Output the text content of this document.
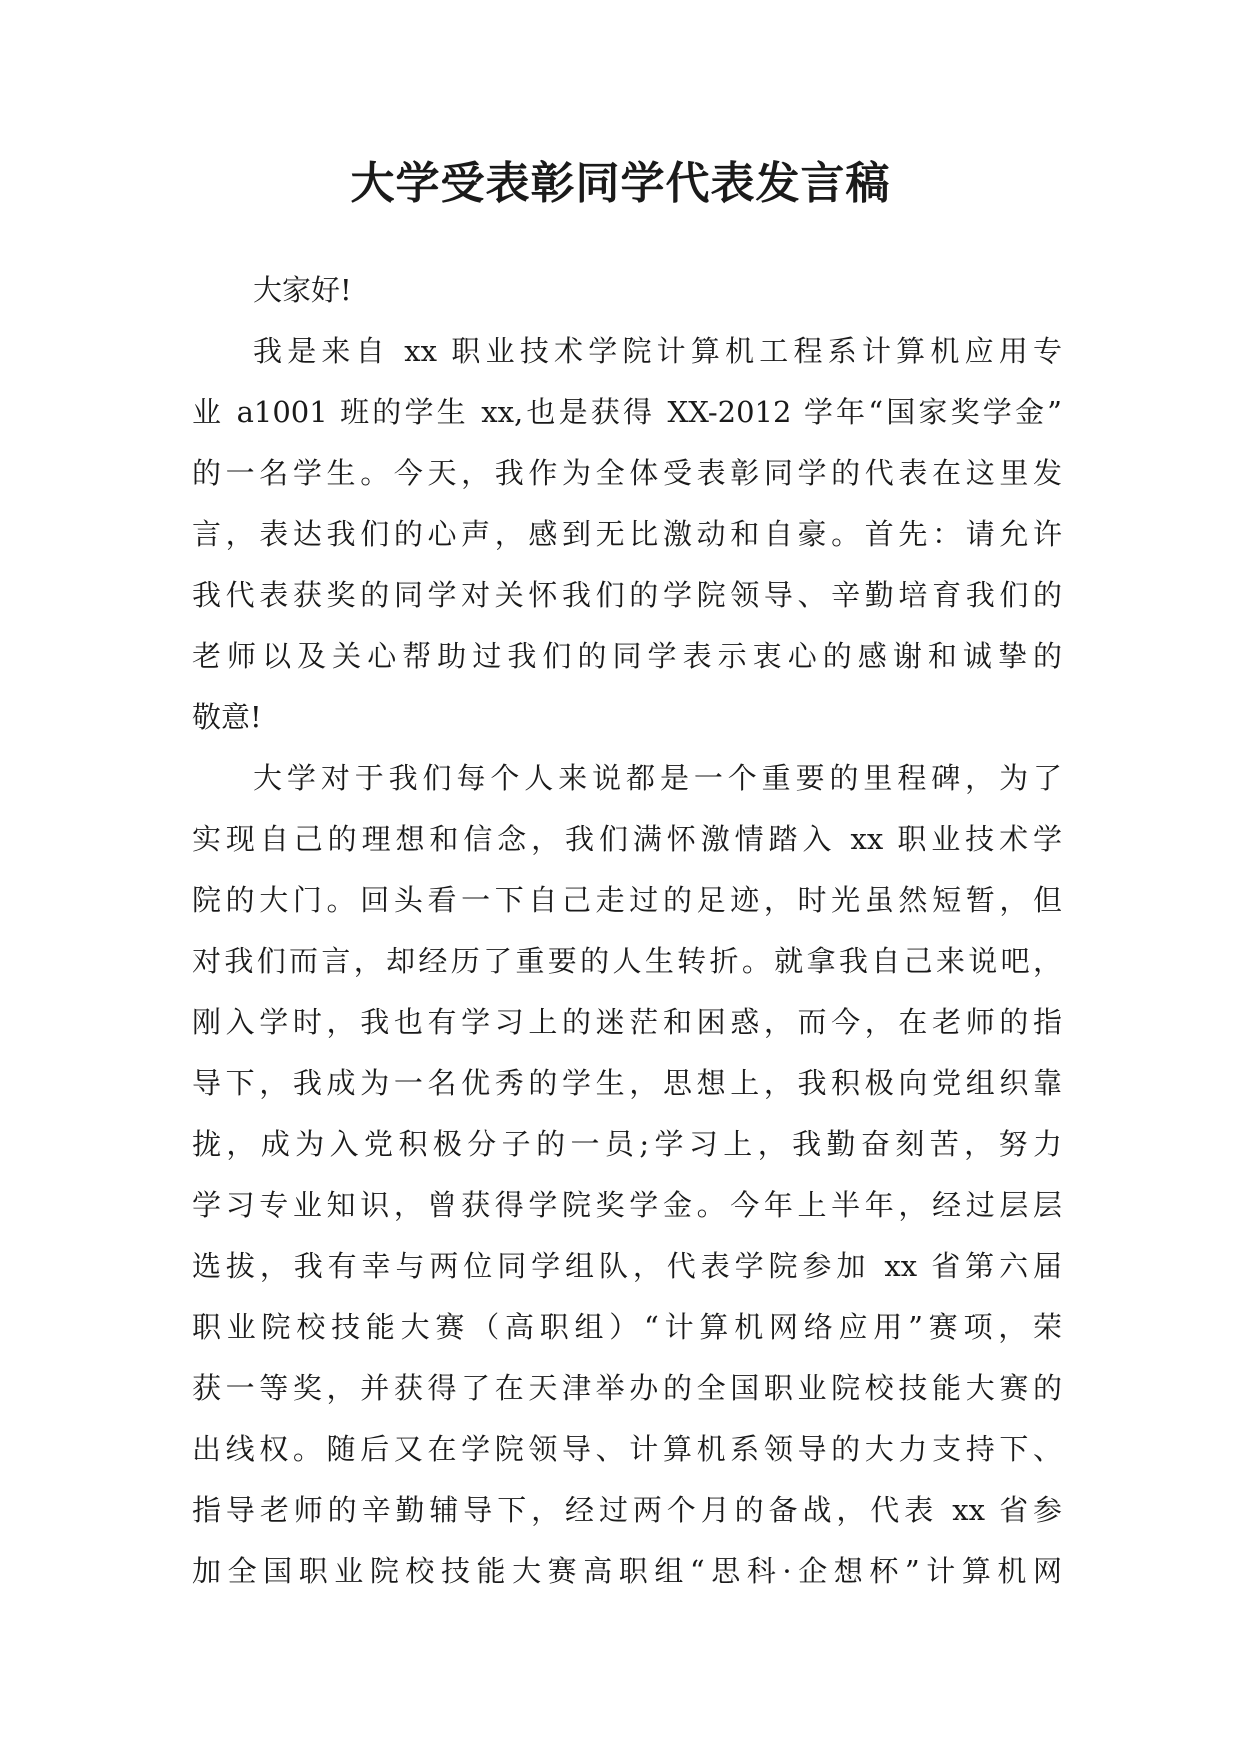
大学受表彰同学代表发言稿

大家好!

我是来自 xx 职业技术学院计算机工程系计算机应用专
业 a1001 班的学生 xx,也是获得 XX-2012 学年“国家奖学金”
的一名学生。今天，我作为全体受表彰同学的代表在这里发
言，表达我们的心声，感到无比激动和自豪。首先：请允许
我代表获奖的同学对关怀我们的学院领导、辛勤培育我们的
老师以及关心帮助过我们的同学表示衷心的感谢和诚挚的
敬意!

大学对于我们每个人来说都是一个重要的里程碑，为了
实现自己的理想和信念，我们满怀激情踏入 xx 职业技术学
院的大门。回头看一下自己走过的足迹，时光虽然短暂，但
对我们而言，却经历了重要的人生转折。就拿我自己来说吧，
刚入学时，我也有学习上的迷茫和困惑，而今，在老师的指
导下，我成为一名优秀的学生，思想上，我积极向党组织靠
拢，成为入党积极分子的一员;学习上，我勤奋刻苦，努力
学习专业知识，曾获得学院奖学金。今年上半年，经过层层
选拔，我有幸与两位同学组队，代表学院参加 xx 省第六届
职业院校技能大赛（高职组）“计算机网络应用”赛项，荣
获一等奖，并获得了在天津举办的全国职业院校技能大赛的
出线权。随后又在学院领导、计算机系领导的大力支持下、
指导老师的辛勤辅导下，经过两个月的备战，代表 xx 省参
加全国职业院校技能大赛高职组“思科·企想杯”计算机网
